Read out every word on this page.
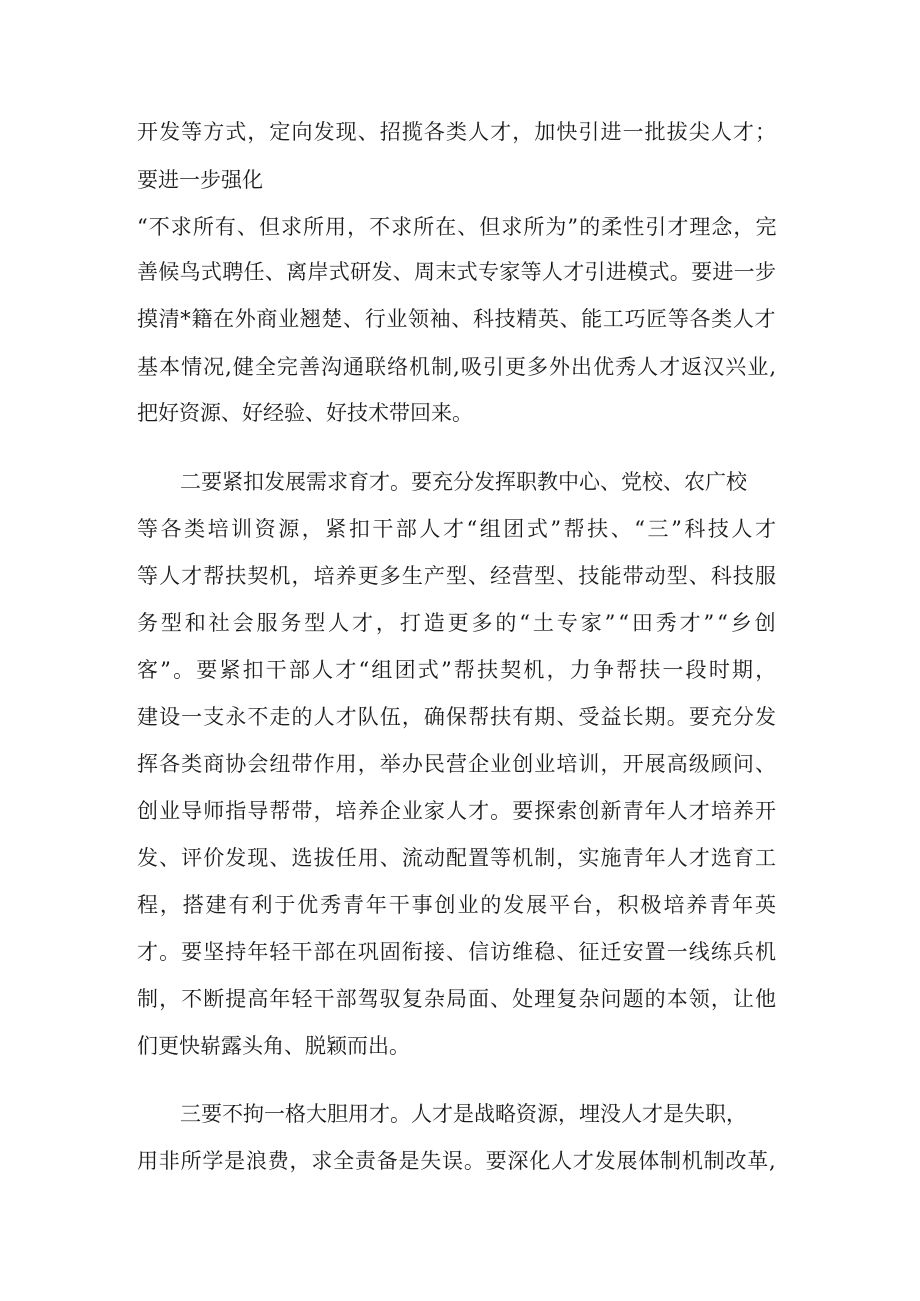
开发等方式，定向发现、招揽各类人才，加快引进一批拔尖人才；
要进一步强化
“不求所有、但求所用，不求所在、但求所为”的柔性引才理念，完
善候鸟式聘任、离岸式研发、周末式专家等人才引进模式。要进一步
摸清*籍在外商业翘楚、行业领袖、科技精英、能工巧匠等各类人才
基本情况,健全完善沟通联络机制,吸引更多外出优秀人才返汉兴业,
把好资源、好经验、好技术带回来。
二要紧扣发展需求育才。要充分发挥职教中心、党校、农广校
等各类培训资源，紧扣干部人才“组团式”帮扶、“三”科技人才
等人才帮扶契机，培养更多生产型、经营型、技能带动型、科技服
务型和社会服务型人才，打造更多的“土专家”“田秀才”“乡创
客”。要紧扣干部人才“组团式”帮扶契机，力争帮扶一段时期，
建设一支永不走的人才队伍，确保帮扶有期、受益长期。要充分发
挥各类商协会纽带作用，举办民营企业创业培训，开展高级顾问、
创业导师指导帮带，培养企业家人才。要探索创新青年人才培养开
发、评价发现、选拔任用、流动配置等机制，实施青年人才选育工
程，搭建有利于优秀青年干事创业的发展平台，积极培养青年英
才。要坚持年轻干部在巩固衔接、信访维稳、征迁安置一线练兵机
制，不断提高年轻干部驾驭复杂局面、处理复杂问题的本领，让他
们更快崭露头角、脱颖而出。
三要不拘一格大胆用才。人才是战略资源，埋没人才是失职，
用非所学是浪费，求全责备是失误。要深化人才发展体制机制改革,
